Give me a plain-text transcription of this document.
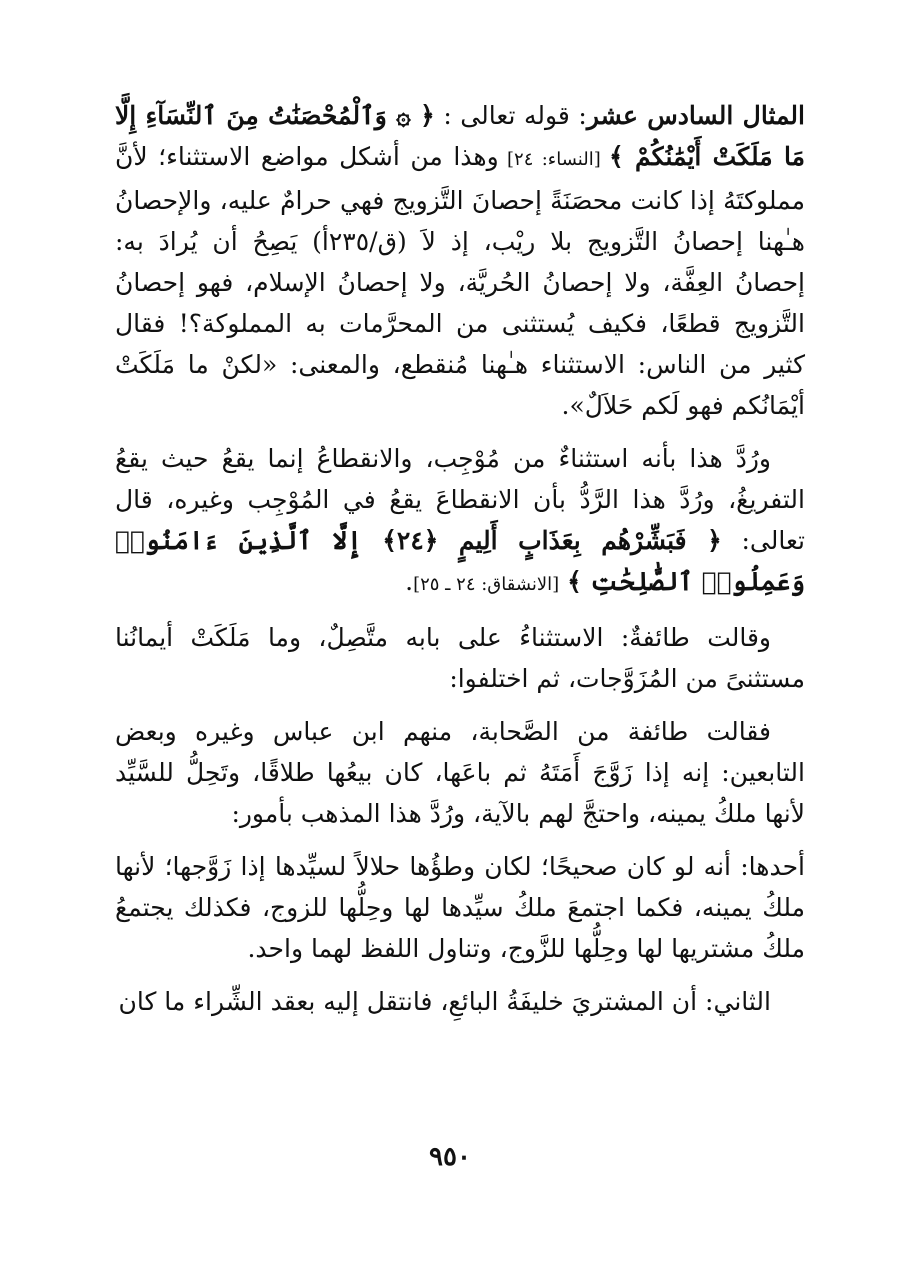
المثال السادس عشر: قوله تعالى : ﴿ ۞ وَٱلْمُحْصَنَٰتُ مِنَ ٱلنِّسَآءِ إِلَّا مَا مَلَكَتْ أَيْمَٰنُكُمْ ﴾ [النساء: ٢٤] وهذا من أشكل مواضع الاستثناء؛ لأنَّ مملوكتَهُ إذا كانت محصَنَةً إحصانَ التَّزويج فهي حرامٌ عليه، والإحصانُ هـٰهنا إحصانُ التَّزويج بلا ريْب، إذ لاَ (ق/٢٣٥أ) يَصِحُ أن يُرادَ به: إحصانُ العِفَّة، ولا إحصانُ الحُريَّة، ولا إحصانُ الإسلام، فهو إحصانُ التَّزويج قطعًا، فكيف يُستثنى من المحرَّمات به المملوكة؟! فقال كثير من الناس: الاستثناء هـٰهنا مُنقطع، والمعنى: «لكنْ ما مَلَكَتْ أيْمَانُكم فهو لَكم حَلاَلٌ».

ورُدَّ هذا بأنه استثناءٌ من مُوْجِب، والانقطاعُ إنما يقعُ حيث يقعُ التفريغُ، ورُدَّ هذا الرَّدُّ بأن الانقطاعَ يقعُ في المُوْجِب وغيره، قال تعالى: ﴿ فَبَشِّرْهُم بِعَذَابٍ أَلِيمٍ ﴿٢٤﴾ إِلَّا ٱلَّذِينَ ءَامَنُوا۟ وَعَمِلُوا۟ ٱلصَّٰلِحَٰتِ ﴾ [الانشقاق: ٢٤ ـ ٢٥].

وقالت طائفةٌ: الاستثناءُ على بابه متَّصِلٌ، وما مَلَكَتْ أيمانُنا مستثنىً من المُزَوَّجات، ثم اختلفوا:

فقالت طائفة من الصَّحابة، منهم ابن عباس وغيره وبعض التابعين: إنه إذا زَوَّجَ أَمَتَهُ ثم باعَها، كان بيعُها طلاقًا، وتَحِلُّ للسَّيِّد لأنها ملكُ يمينه، واحتجَّ لهم بالآية، ورُدَّ هذا المذهب بأمور:

أحدها: أنه لو كان صحيحًا؛ لكان وطؤُها حلالاً لسيِّدها إذا زَوَّجها؛ لأنها ملكُ يمينه، فكما اجتمعَ ملكُ سيِّدها لها وحِلُّها للزوج، فكذلك يجتمعُ ملكُ مشتريها لها وحِلُّها للزَّوج، وتناول اللفظ لهما واحد.

الثاني: أن المشتريَ خليفَةُ البائعِ، فانتقل إليه بعقد الشِّراء ما كان

٩٥٠
